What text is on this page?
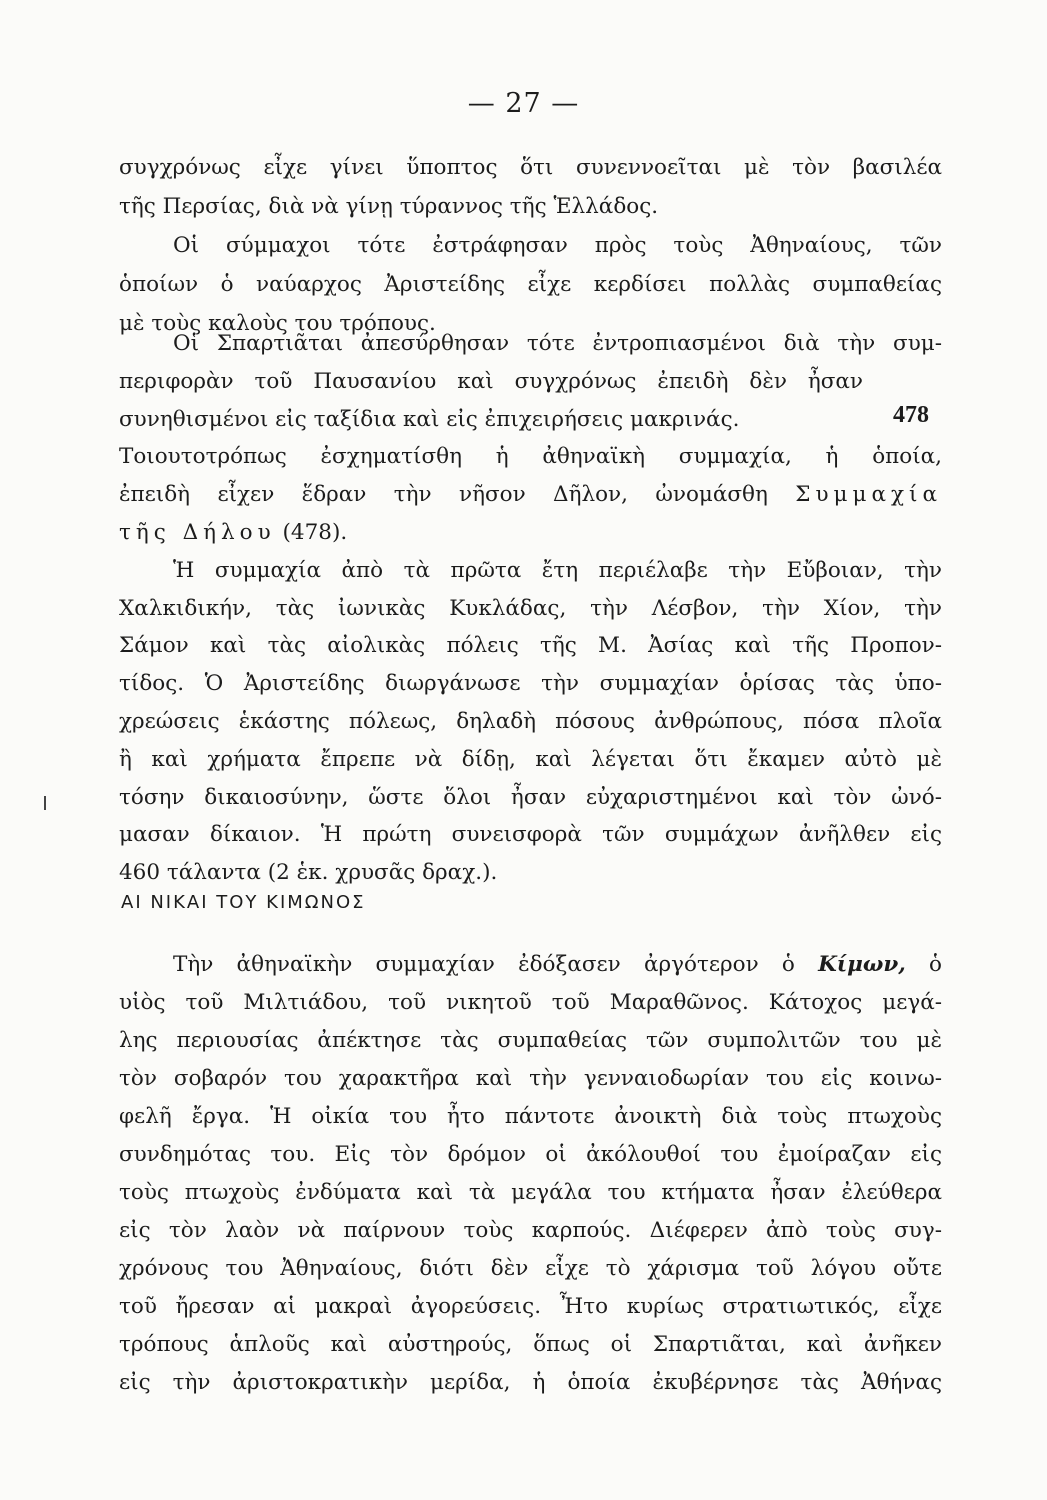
— 27 —
συγχρόνως εἶχε γίνει ὕποπτος ὅτι συνεννοεῖται μὲ τὸν βασιλέα
τῆς Περσίας, διὰ νὰ γίνῃ τύραννος τῆς Ἑλλάδος.
Οἱ σύμμαχοι τότε ἐστράφησαν πρὸς τοὺς Ἀθηναίους, τῶν
ὁποίων ὁ ναύαρχος Ἀριστείδης εἶχε κερδίσει πολλὰς συμπαθείας
μὲ τοὺς καλοὺς του τρόπους.
Οἱ Σπαρτιᾶται ἀπεσύρθησαν τότε ἐντροπιασμένοι διὰ τὴν συμ-
περιφορὰν τοῦ Παυσανίου καὶ συγχρόνως ἐπειδὴ δὲν ἦσαν
συνηθισμένοι εἰς ταξίδια καὶ εἰς ἐπιχειρήσεις μακρινάς.
Τοιουτοτρόπως ἐσχηματίσθη ἡ ἀθηναϊκὴ συμμαχία, ἡ ὁποία,
ἐπειδὴ εἶχεν ἕδραν τὴν νῆσον Δῆλον, ὠνομάσθη Συμμαχία
τῆς Δήλου (478).
Ἡ συμμαχία ἀπὸ τὰ πρῶτα ἔτη περιέλαβε τὴν Εὔβοιαν, τὴν
Χαλκιδικήν, τὰς ἰωνικὰς Κυκλάδας, τὴν Λέσβον, τὴν Χίον, τὴν
Σάμον καὶ τὰς αἰολικὰς πόλεις τῆς Μ. Ἀσίας καὶ τῆς Προπον-
τίδος. Ὁ Ἀριστείδης διωργάνωσε τὴν συμμαχίαν ὁρίσας τὰς ὑπο-
χρεώσεις ἑκάστης πόλεως, δηλαδὴ πόσους ἀνθρώπους, πόσα πλοῖα
ἢ καὶ χρήματα ἔπρεπε νὰ δίδῃ, καὶ λέγεται ὅτι ἔκαμεν αὐτὸ μὲ
τόσην δικαιοσύνην, ὥστε ὅλοι ἦσαν εὐχαριστημένοι καὶ τὸν ὠνό-
μασαν δίκαιον. Ἡ πρώτη συνεισφορὰ τῶν συμμάχων ἀνῆλθεν εἰς
460 τάλαντα (2 ἑκ. χρυσᾶς δραχ.).
478
ΑΙ ΝΙΚΑΙ ΤΟΥ ΚΙΜΩΝΟΣ
Τὴν ἀθηναϊκὴν συμμαχίαν ἐδόξασεν ἀργότερον ὁ Κίμων, ὁ
υἱὸς τοῦ Μιλτιάδου, τοῦ νικητοῦ τοῦ Μαραθῶνος. Κάτοχος μεγά-
λης περιουσίας ἀπέκτησε τὰς συμπαθείας τῶν συμπολιτῶν του μὲ
τὸν σοβαρόν του χαρακτῆρα καὶ τὴν γενναιοδωρίαν του εἰς κοινω-
φελῆ ἔργα. Ἡ οἰκία του ἦτο πάντοτε ἀνοικτὴ διὰ τοὺς πτωχοὺς
συνδημότας του. Εἰς τὸν δρόμον οἱ ἀκόλουθοί του ἐμοίραζαν εἰς
τοὺς πτωχοὺς ἐνδύματα καὶ τὰ μεγάλα του κτήματα ἦσαν ἐλεύθερα
εἰς τὸν λαὸν νὰ παίρνουν τοὺς καρπούς. Διέφερεν ἀπὸ τοὺς συγ-
χρόνους του Ἀθηναίους, διότι δὲν εἶχε τὸ χάρισμα τοῦ λόγου οὔτε
τοῦ ἤρεσαν αἱ μακραὶ ἀγορεύσεις. Ἦτο κυρίως στρατιωτικός, εἶχε
τρόπους ἁπλοῦς καὶ αὐστηρούς, ὅπως οἱ Σπαρτιᾶται, καὶ ἀνῆκεν
εἰς τὴν ἀριστοκρατικὴν μερίδα, ἡ ὁποία ἐκυβέρνησε τὰς Ἀθήνας
